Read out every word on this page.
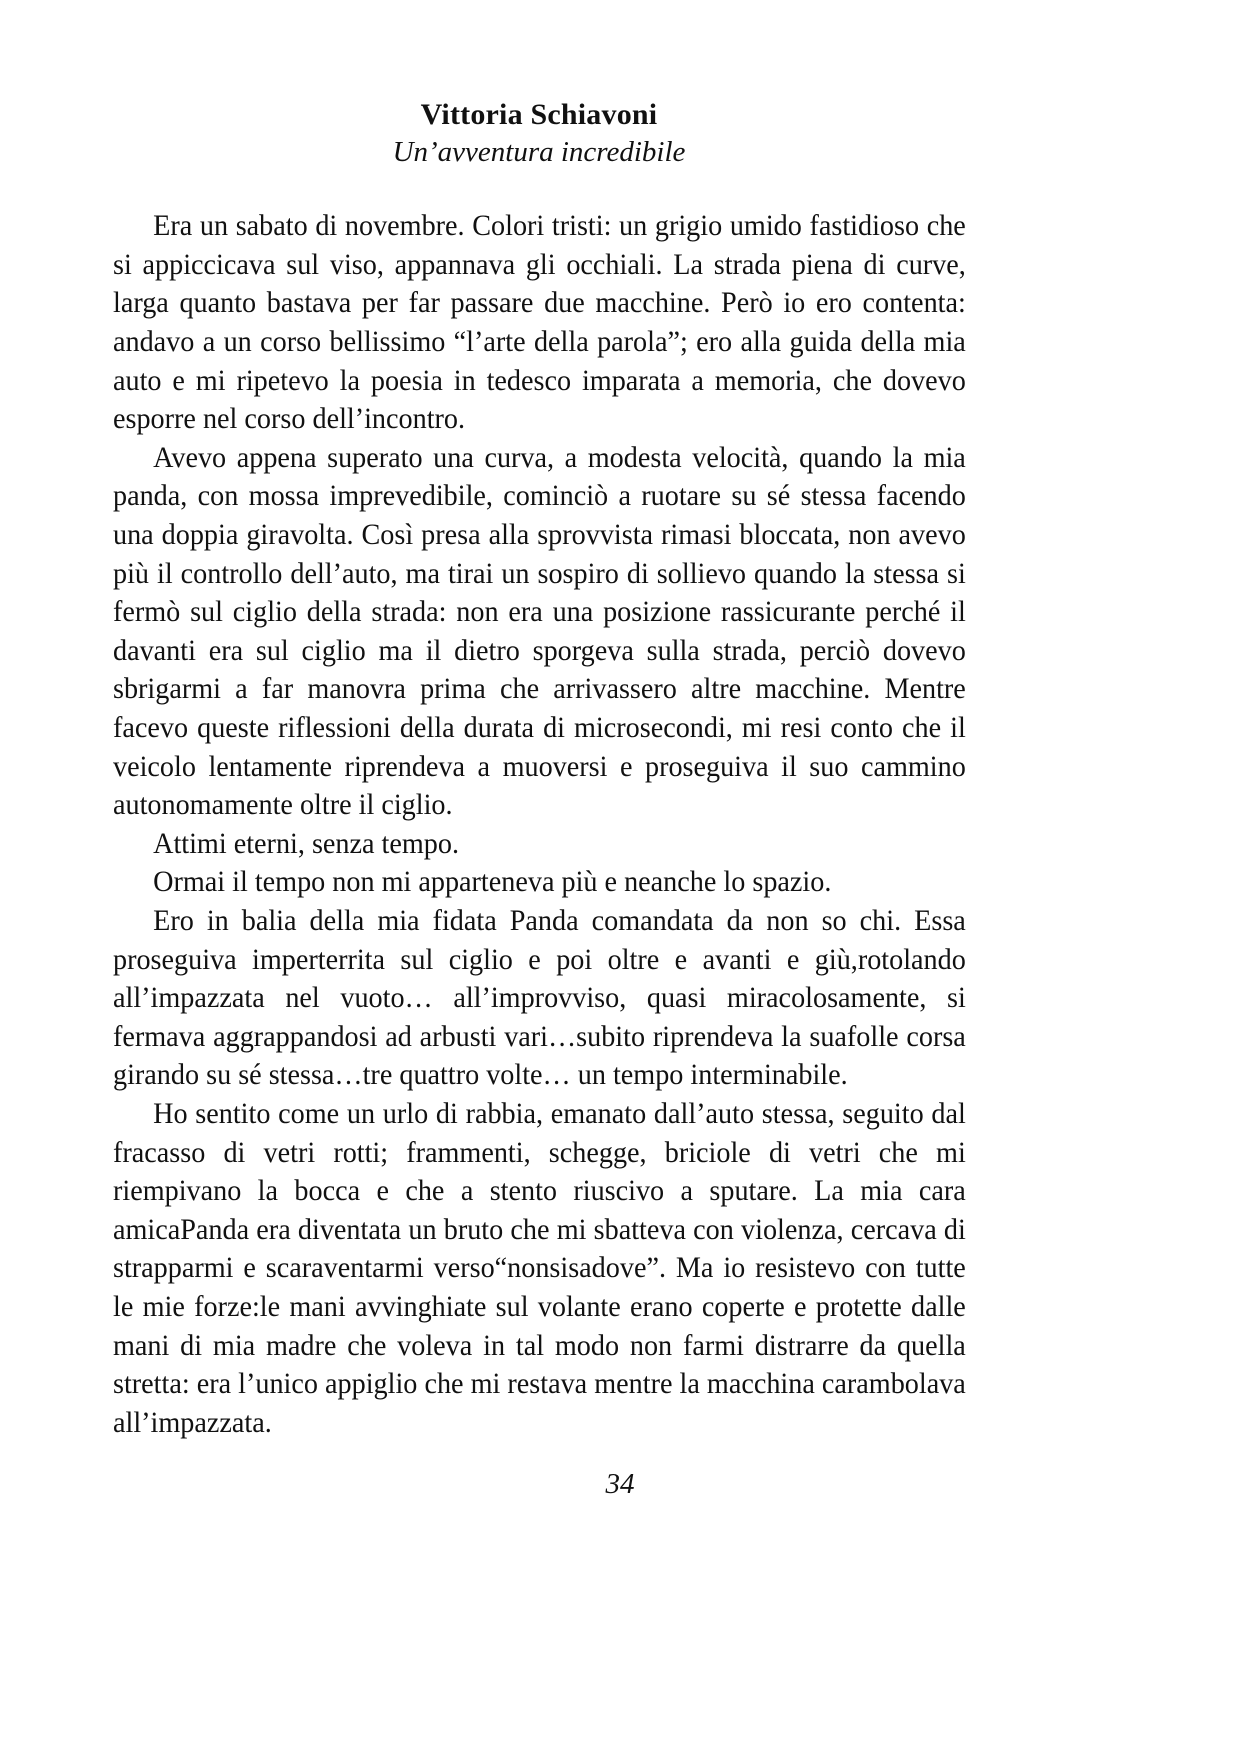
Vittoria Schiavoni
Un’avventura incredibile

Era un sabato di novembre. Colori tristi: un grigio umido fastidioso che si appiccicava sul viso, appannava gli occhiali. La strada piena di curve, larga quanto bastava per far passare due macchine. Però io ero contenta: andavo a un corso bellissimo “l’arte della parola”; ero alla guida della mia auto e mi ripetevo la poesia in tedesco imparata a memoria, che dovevo esporre nel corso dell’incontro.

Avevo appena superato una curva, a modesta velocità, quando la mia panda, con mossa imprevedibile, cominciò a ruotare su sé stessa facendo una doppia giravolta. Così presa alla sprovvista rimasi bloccata, non avevo più il controllo dell’auto, ma tirai un sospiro di sollievo quando la stessa si fermò sul ciglio della strada: non era una posizione rassicurante perché il davanti era sul ciglio ma il dietro sporgeva sulla strada, perciò dovevo sbrigarmi a far manovra prima che arrivassero altre macchine. Mentre facevo queste riflessioni della durata di microsecondi, mi resi conto che il veicolo lentamente riprendeva a muoversi e proseguiva il suo cammino autonomamente oltre il ciglio.

Attimi eterni, senza tempo.

Ormai il tempo non mi apparteneva più e neanche lo spazio.

Ero in balia della mia fidata Panda comandata da non so chi. Essa proseguiva imperterrita sul ciglio e poi oltre e avanti e giù,rotolando all’impazzata nel vuoto… all’improvviso, quasi miracolosamente, si fermava aggrappandosi ad arbusti vari…subito riprendeva la suafolle corsa girando su sé stessa…tre quattro volte… un tempo interminabile.

Ho sentito come un urlo di rabbia, emanato dall’auto stessa, seguito dal fracasso di vetri rotti; frammenti, schegge, briciole di vetri che mi riempivano la bocca e che a stento riuscivo a sputare. La mia cara amicaPanda era diventata un bruto che mi sbatteva con violenza, cercava di strapparmi e scaraventarmi verso“nonsisadove”. Ma io resistevo con tutte le mie forze:le mani avvinghiate sul volante erano coperte e protette dalle mani di mia madre che voleva in tal modo non farmi distrarre da quella stretta: era l’unico appiglio che mi restava mentre la macchina carambolava all’impazzata.

34
